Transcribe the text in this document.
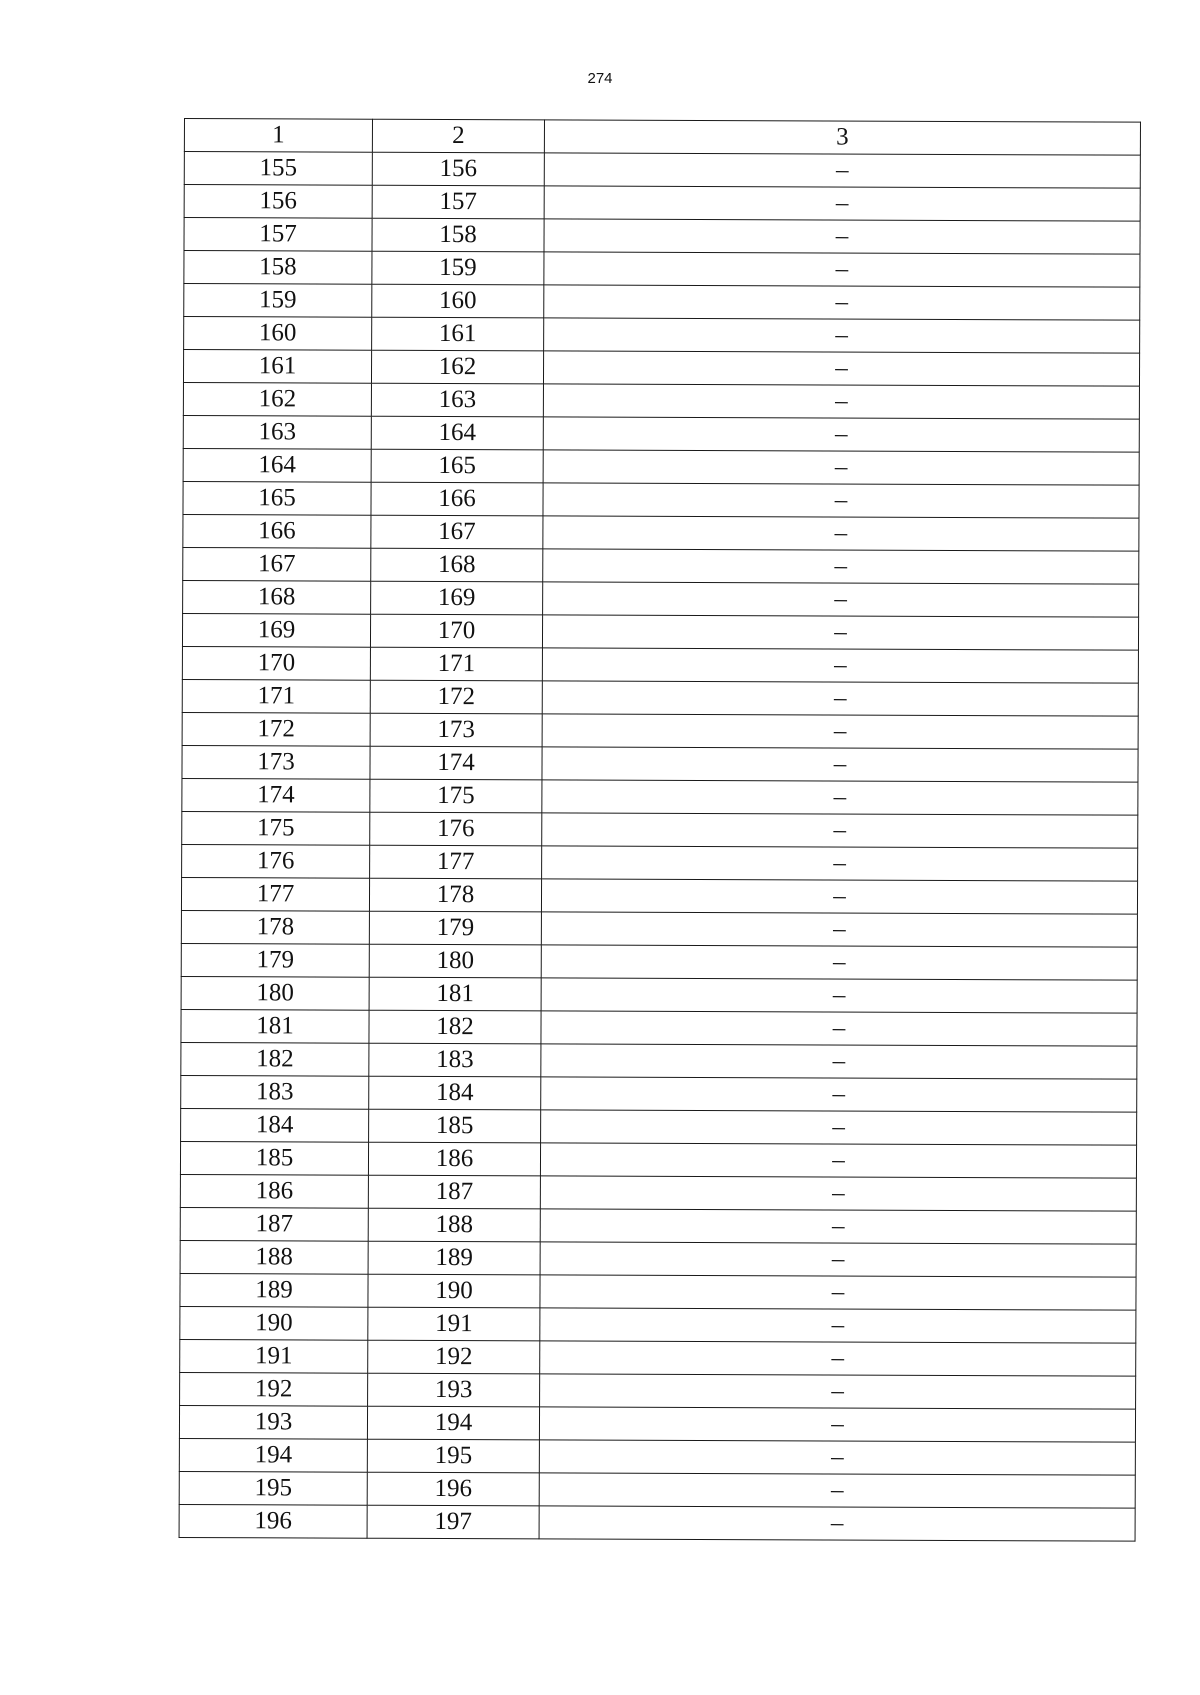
274
1	2	3
155	156	–
156	157	–
157	158	–
158	159	–
159	160	–
160	161	–
161	162	–
162	163	–
163	164	–
164	165	–
165	166	–
166	167	–
167	168	–
168	169	–
169	170	–
170	171	–
171	172	–
172	173	–
173	174	–
174	175	–
175	176	–
176	177	–
177	178	–
178	179	–
179	180	–
180	181	–
181	182	–
182	183	–
183	184	–
184	185	–
185	186	–
186	187	–
187	188	–
188	189	–
189	190	–
190	191	–
191	192	–
192	193	–
193	194	–
194	195	–
195	196	–
196	197	–
